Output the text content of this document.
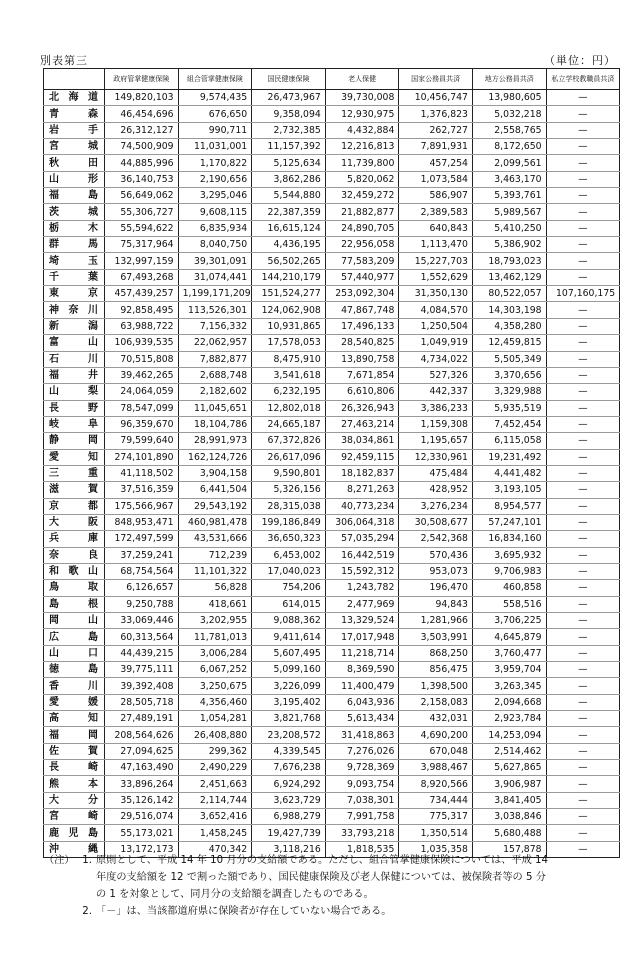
別表第三	（単位：円）
	政府管掌健康保険	組合管掌健康保険	国民健康保険	老人保健	国家公務員共済	地方公務員共済	私立学校教職員共済
北海道	149,820,103	9,574,435	26,473,967	39,730,008	10,456,747	13,980,605	—
青森	46,454,696	676,650	9,358,094	12,930,975	1,376,823	5,032,218	—
岩手	26,312,127	990,711	2,732,385	4,432,884	262,727	2,558,765	—
宮城	74,500,909	11,031,001	11,157,392	12,216,813	7,891,931	8,172,650	—
秋田	44,885,996	1,170,822	5,125,634	11,739,800	457,254	2,099,561	—
山形	36,140,753	2,190,656	3,862,286	5,820,062	1,073,584	3,463,170	—
福島	56,649,062	3,295,046	5,544,880	32,459,272	586,907	5,393,761	—
茨城	55,306,727	9,608,115	22,387,359	21,882,877	2,389,583	5,989,567	—
栃木	55,594,622	6,835,934	16,615,124	24,890,705	640,843	5,410,250	—
群馬	75,317,964	8,040,750	4,436,195	22,956,058	1,113,470	5,386,902	—
埼玉	132,997,159	39,301,091	56,502,265	77,583,209	15,227,703	18,793,023	—
千葉	67,493,268	31,074,441	144,210,179	57,440,977	1,552,629	13,462,129	—
東京	457,439,257	1,199,171,209	151,524,277	253,092,304	31,350,130	80,522,057	107,160,175
神奈川	92,858,495	113,526,301	124,062,908	47,867,748	4,084,570	14,303,198	—
新潟	63,988,722	7,156,332	10,931,865	17,496,133	1,250,504	4,358,280	—
富山	106,939,535	22,062,957	17,578,053	28,540,825	1,049,919	12,459,815	—
石川	70,515,808	7,882,877	8,475,910	13,890,758	4,734,022	5,505,349	—
福井	39,462,265	2,688,748	3,541,618	7,671,854	527,326	3,370,656	—
山梨	24,064,059	2,182,602	6,232,195	6,610,806	442,337	3,329,988	—
長野	78,547,099	11,045,651	12,802,018	26,326,943	3,386,233	5,935,519	—
岐阜	96,359,670	18,104,786	24,665,187	27,463,214	1,159,308	7,452,454	—
静岡	79,599,640	28,991,973	67,372,826	38,034,861	1,195,657	6,115,058	—
愛知	274,101,890	162,124,726	26,617,096	92,459,115	12,330,961	19,231,492	—
三重	41,118,502	3,904,158	9,590,801	18,182,837	475,484	4,441,482	—
滋賀	37,516,359	6,441,504	5,326,156	8,271,263	428,952	3,193,105	—
京都	175,566,967	29,543,192	28,315,038	40,773,234	3,276,234	8,954,577	—
大阪	848,953,471	460,981,478	199,186,849	306,064,318	30,508,677	57,247,101	—
兵庫	172,497,599	43,531,666	36,650,323	57,035,294	2,542,368	16,834,160	—
奈良	37,259,241	712,239	6,453,002	16,442,519	570,436	3,695,932	—
和歌山	68,754,564	11,101,322	17,040,023	15,592,312	953,073	9,706,983	—
鳥取	6,126,657	56,828	754,206	1,243,782	196,470	460,858	—
島根	9,250,788	418,661	614,015	2,477,969	94,843	558,516	—
岡山	33,069,446	3,202,955	9,088,362	13,329,524	1,281,966	3,706,225	—
広島	60,313,564	11,781,013	9,411,614	17,017,948	3,503,991	4,645,879	—
山口	44,439,215	3,006,284	5,607,495	11,218,714	868,250	3,760,477	—
徳島	39,775,111	6,067,252	5,099,160	8,369,590	856,475	3,959,704	—
香川	39,392,408	3,250,675	3,226,099	11,400,479	1,398,500	3,263,345	—
愛媛	28,505,718	4,356,460	3,195,402	6,043,936	2,158,083	2,094,668	—
高知	27,489,191	1,054,281	3,821,768	5,613,434	432,031	2,923,784	—
福岡	208,564,626	26,408,880	23,208,572	31,418,863	4,690,200	14,253,094	—
佐賀	27,094,625	299,362	4,339,545	7,276,026	670,048	2,514,462	—
長崎	47,163,490	2,490,229	7,676,238	9,728,369	3,988,467	5,627,865	—
熊本	33,896,264	2,451,663	6,924,292	9,093,754	8,920,566	3,906,987	—
大分	35,126,142	2,114,744	3,623,729	7,038,301	734,444	3,841,405	—
宮崎	29,516,074	3,652,416	6,988,279	7,991,758	775,317	3,038,846	—
鹿児島	55,173,021	1,458,245	19,427,739	33,793,218	1,350,514	5,680,488	—
沖縄	13,172,173	470,342	3,118,216	1,818,535	1,035,358	157,878	—
（注） 1. 原則として、平成 14 年 10 月分の支給額である。ただし、組合管掌健康保険については、平成 14
年度の支給額を 12 で割った額であり、国民健康保険及び老人保健については、被保険者等の 5 分
の 1 を対象として、同月分の支給額を調査したものである。
2. 「－」は、当該都道府県に保険者が存在していない場合である。
